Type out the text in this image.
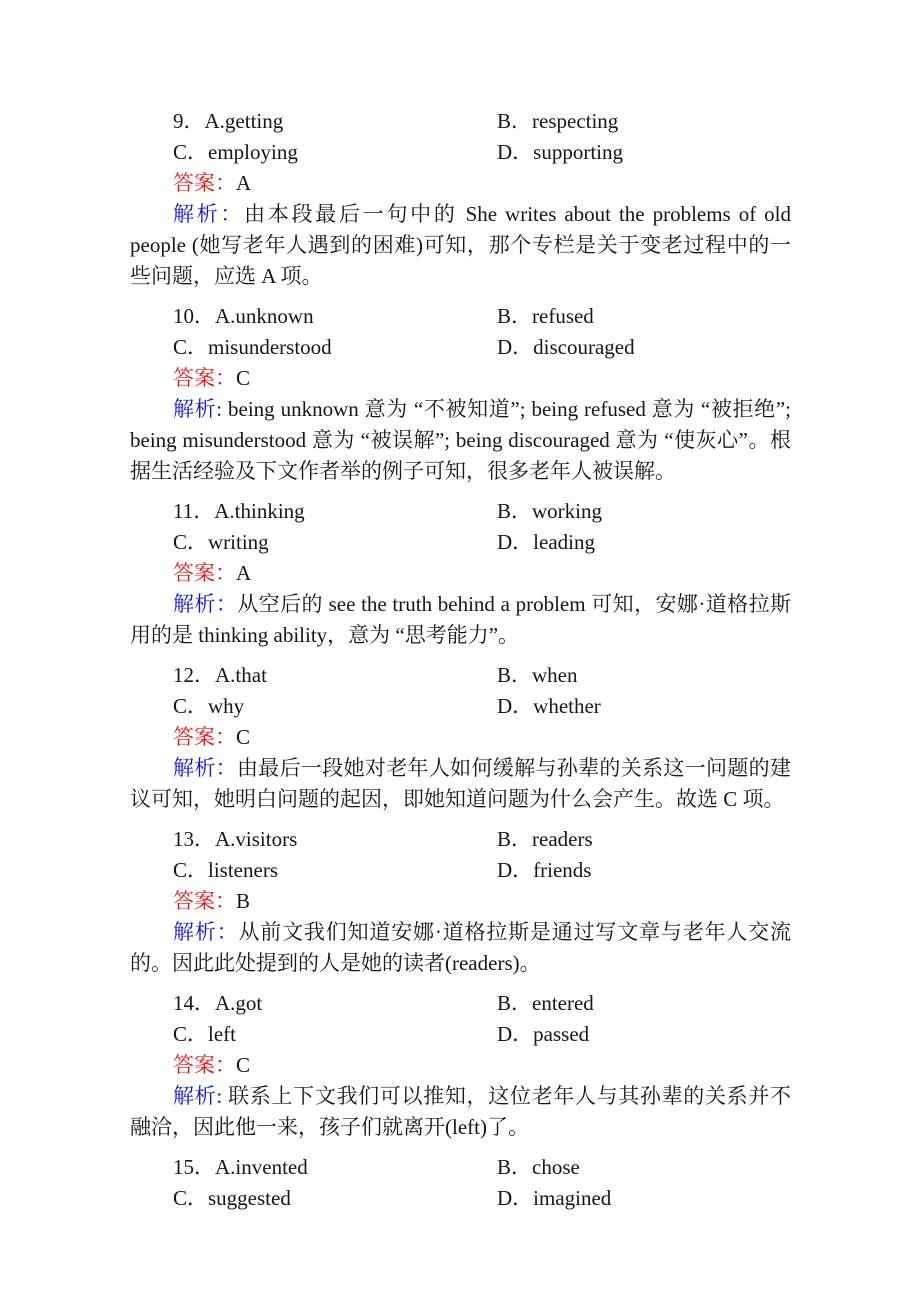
9．A.getting	B．respecting
C．employing	D．supporting
答案：A

解析：由本段最后一句中的 She writes about the problems of old people (她写老年人遇到的困难)可知，那个专栏是关于变老过程中的一些问题，应选 A 项。

10．A.unknown	B．refused
C．misunderstood	D．discouraged
答案：C

解析: being unknown 意为 “不被知道”; being refused 意为 “被拒绝”; being misunderstood 意为 “被误解”; being discouraged 意为 “使灰心”。根据生活经验及下文作者举的例子可知，很多老年人被误解。

11．A.thinking	B．working
C．writing	D．leading
答案：A

解析：从空后的 see the truth behind a problem 可知，安娜·道格拉斯用的是 thinking ability，意为 “思考能力”。

12．A.that	B．when
C．why	D．whether
答案：C

解析：由最后一段她对老年人如何缓解与孙辈的关系这一问题的建议可知，她明白问题的起因，即她知道问题为什么会产生。故选 C 项。

13．A.visitors	B．readers
C．listeners	D．friends
答案：B

解析：从前文我们知道安娜·道格拉斯是通过写文章与老年人交流的。因此此处提到的人是她的读者(readers)。

14．A.got	B．entered
C．left	D．passed
答案：C

解析: 联系上下文我们可以推知，这位老年人与其孙辈的关系并不融洽，因此他一来，孩子们就离开(left)了。

15．A.invented	B．chose
C．suggested	D．imagined
